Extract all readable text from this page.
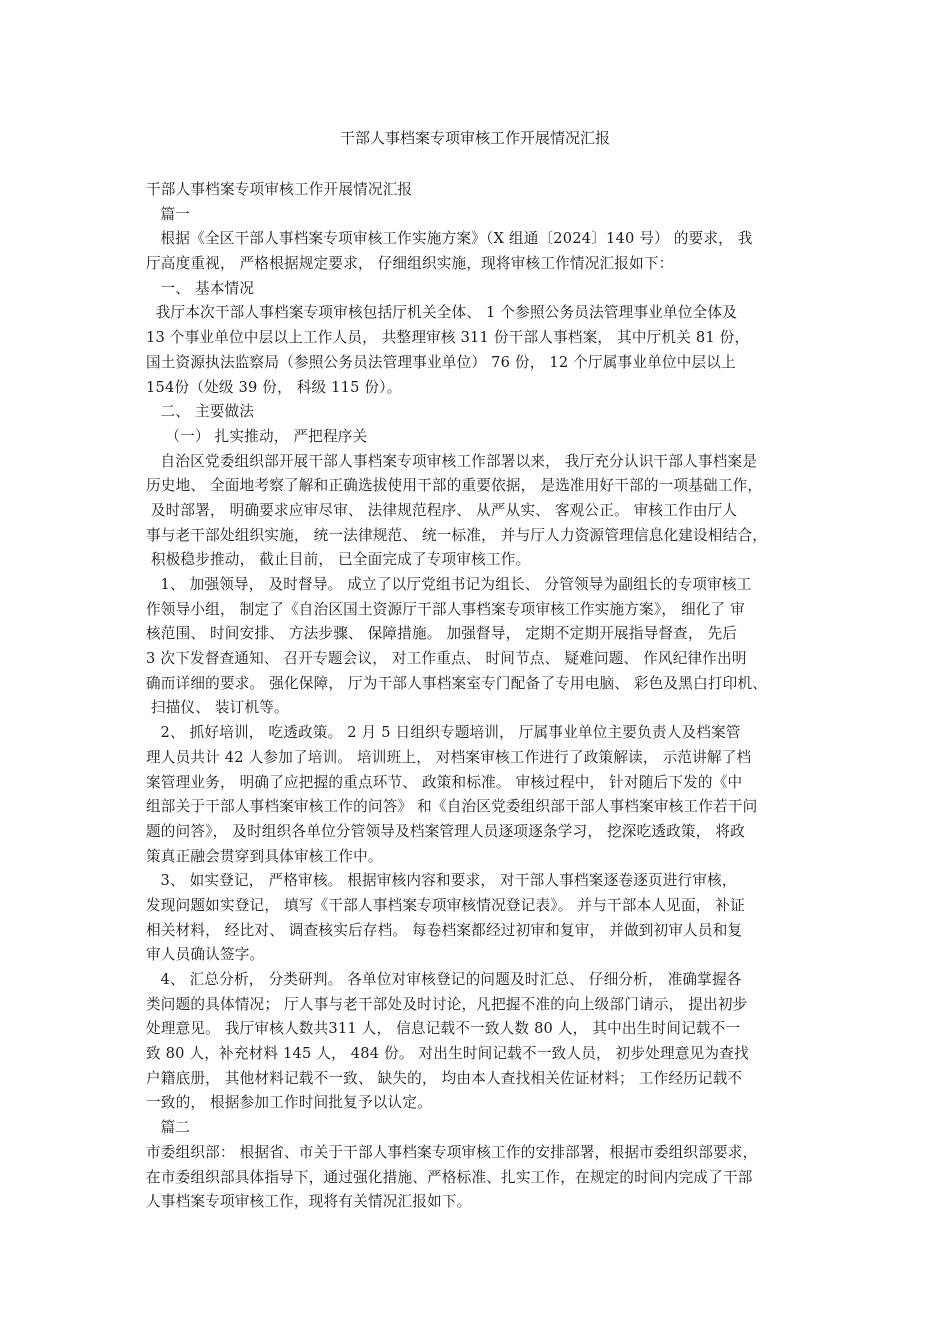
干部人事档案专项审核工作开展情况汇报
干部人事档案专项审核工作开展情况汇报
篇一
根据《全区干部人事档案专项审核工作实施方案》（X 组通〔2024〕140 号） 的要求， 我
厅高度重视， 严格根据规定要求， 仔细组织实施，现将审核工作情况汇报如下：
一、 基本情况
我厅本次干部人事档案专项审核包括厅机关全体、 1 个参照公务员法管理事业单位全体及
13 个事业单位中层以上工作人员， 共整理审核 311 份干部人事档案， 其中厅机关 81 份，
国土资源执法监察局（参照公务员法管理事业单位） 76 份， 12 个厅属事业单位中层以上
154份（处级 39 份， 科级 115 份）。
二、 主要做法
（一） 扎实推动， 严把程序关
自治区党委组织部开展干部人事档案专项审核工作部署以来， 我厅充分认识干部人事档案是
历史地、 全面地考察了解和正确选拔使用干部的重要依据， 是选准用好干部的一项基础工作，
及时部署， 明确要求应审尽审、 法律规范程序、 从严从实、 客观公正。 审核工作由厅人
事与老干部处组织实施， 统一法律规范、 统一标准， 并与厅人力资源管理信息化建设相结合，
积极稳步推动， 截止目前， 已全面完成了专项审核工作。
1、 加强领导， 及时督导。 成立了以厅党组书记为组长、 分管领导为副组长的专项审核工
作领导小组， 制定了《自治区国土资源厅干部人事档案专项审核工作实施方案》， 细化了 审
核范围、 时间安排、 方法步骤、 保障措施。 加强督导， 定期不定期开展指导督查， 先后
3 次下发督查通知、 召开专题会议， 对工作重点、 时间节点、 疑难问题、 作风纪律作出明
确而详细的要求。 强化保障， 厅为干部人事档案室专门配备了专用电脑、 彩色及黑白打印机、
扫描仪、 装订机等。
2、 抓好培训， 吃透政策。 2 月 5 日组织专题培训， 厅属事业单位主要负责人及档案管
理人员共计 42 人参加了培训。 培训班上， 对档案审核工作进行了政策解读， 示范讲解了档
案管理业务， 明确了应把握的重点环节、 政策和标准。 审核过程中， 针对随后下发的《中
组部关于干部人事档案审核工作的问答》 和《自治区党委组织部干部人事档案审核工作若干问
题的问答》， 及时组织各单位分管领导及档案管理人员逐项逐条学习， 挖深吃透政策， 将政
策真正融会贯穿到具体审核工作中。
3、 如实登记， 严格审核。 根据审核内容和要求， 对干部人事档案逐卷逐页进行审核，
发现问题如实登记， 填写《干部人事档案专项审核情况登记表》。 并与干部本人见面， 补证
相关材料， 经比对、 调查核实后存档。 每卷档案都经过初审和复审， 并做到初审人员和复
审人员确认签字。
4、 汇总分析， 分类研判。 各单位对审核登记的问题及时汇总、 仔细分析， 准确掌握各
类问题的具体情况； 厅人事与老干部处及时讨论，凡把握不准的向上级部门请示， 提出初步
处理意见。 我厅审核人数共311 人， 信息记载不一致人数 80 人， 其中出生时间记载不一
致 80 人，补充材料 145 人， 484 份。 对出生时间记载不一致人员， 初步处理意见为查找
户籍底册， 其他材料记载不一致、 缺失的， 均由本人查找相关佐证材料； 工作经历记载不
一致的， 根据参加工作时间批复予以认定。
篇二
市委组织部： 根据省、市关于干部人事档案专项审核工作的安排部署，根据市委组织部要求，
在市委组织部具体指导下，通过强化措施、严格标准、扎实工作，在规定的时间内完成了干部
人事档案专项审核工作，现将有关情况汇报如下。
